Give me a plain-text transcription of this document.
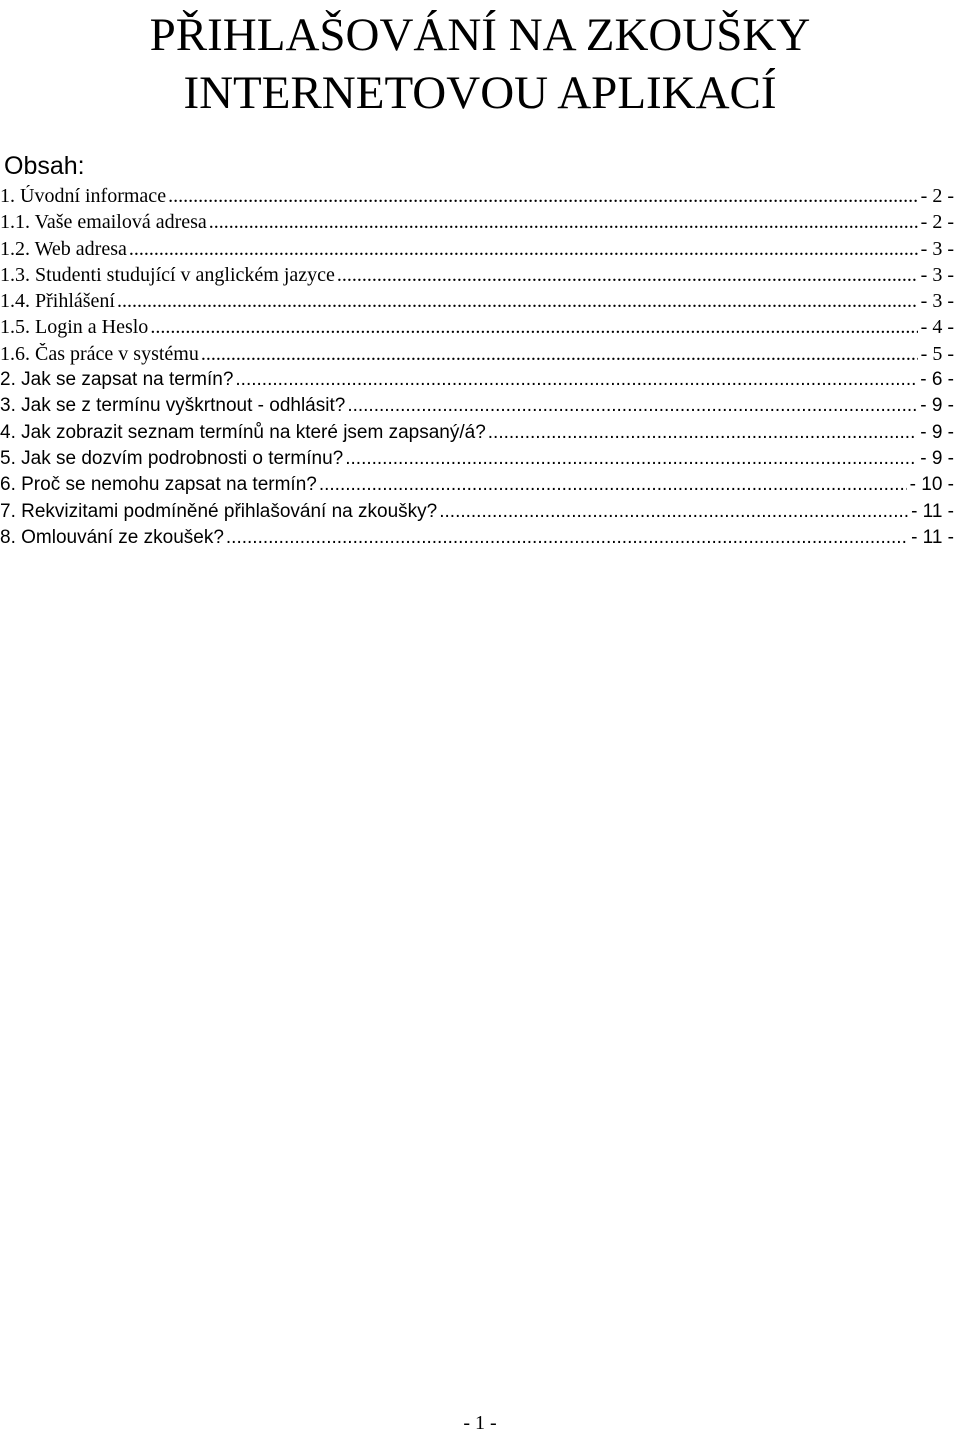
PŘIHLAŠOVÁNÍ NA ZKOUŠKY
INTERNETOVOU APLIKACÍ
Obsah:
1. Úvodní informace .....	- 2 -
1.1. Vaše emailová adresa .....	- 2 -
1.2. Web adresa .....	- 3 -
1.3. Studenti studující v anglickém jazyce .....	- 3 -
1.4. Přihlášení .....	- 3 -
1.5. Login a Heslo .....	- 4 -
1.6. Čas práce v systému .....	- 5 -
2. Jak se zapsat na termín? .....	- 6 -
3. Jak se z termínu vyškrtnout - odhlásit? .....	- 9 -
4. Jak zobrazit seznam termínů na které jsem zapsaný/á? .....	- 9 -
5. Jak se dozvím podrobnosti o termínu? .....	- 9 -
6. Proč se nemohu zapsat na termín? .....	- 10 -
7. Rekvizitami podmíněné přihlašování na zkoušky? .....	- 11 -
8. Omlouvání ze zkoušek? .....	- 11 -
- 1 -
